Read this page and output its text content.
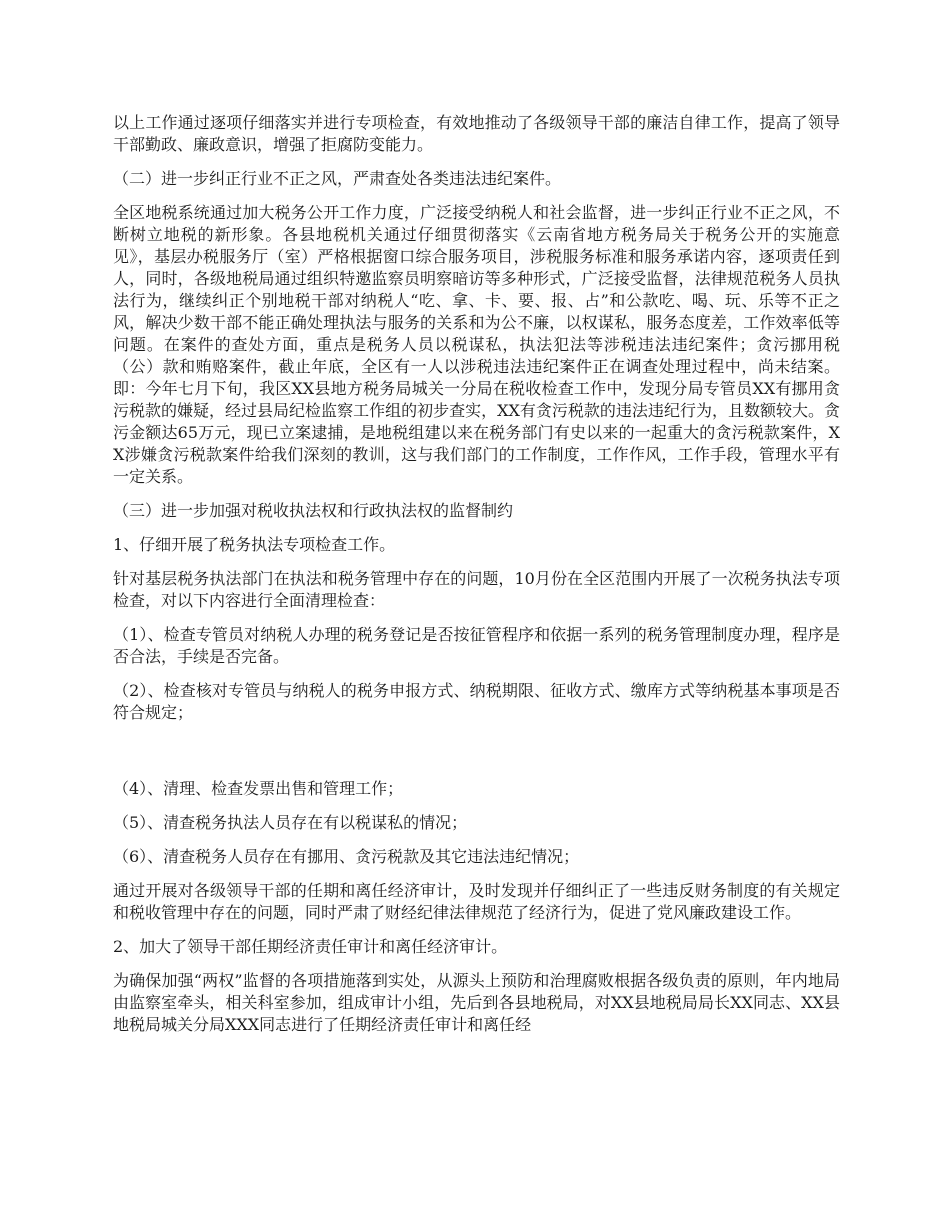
以上工作通过逐项仔细落实并进行专项检查，有效地推动了各级领导干部的廉洁自律工作，提高了领导干部勤政、廉政意识，增强了拒腐防变能力。

（二）进一步纠正行业不正之风，严肃查处各类违法违纪案件。

全区地税系统通过加大税务公开工作力度，广泛接受纳税人和社会监督，进一步纠正行业不正之风，不断树立地税的新形象。各县地税机关通过仔细贯彻落实《云南省地方税务局关于税务公开的实施意见》，基层办税服务厅（室）严格根据窗口综合服务项目，涉税服务标准和服务承诺内容，逐项责任到人，同时，各级地税局通过组织特邀监察员明察暗访等多种形式，广泛接受监督，法律规范税务人员执法行为，继续纠正个别地税干部对纳税人“吃、拿、卡、要、报、占”和公款吃、喝、玩、乐等不正之风，解决少数干部不能正确处理执法与服务的关系和为公不廉，以权谋私，服务态度差，工作效率低等问题。在案件的查处方面，重点是税务人员以税谋私，执法犯法等涉税违法违纪案件；贪污挪用税（公）款和贿赂案件，截止年底，全区有一人以涉税违法违纪案件正在调查处理过程中，尚未结案。即：今年七月下旬，我区XX县地方税务局城关一分局在税收检查工作中，发现分局专管员XX有挪用贪污税款的嫌疑，经过县局纪检监察工作组的初步查实，XX有贪污税款的违法违纪行为，且数额较大。贪污金额达65万元，现已立案逮捕，是地税组建以来在税务部门有史以来的一起重大的贪污税款案件，XX涉嫌贪污税款案件给我们深刻的教训，这与我们部门的工作制度，工作作风，工作手段，管理水平有一定关系。

（三）进一步加强对税收执法权和行政执法权的监督制约

1、仔细开展了税务执法专项检查工作。

针对基层税务执法部门在执法和税务管理中存在的问题，10月份在全区范围内开展了一次税务执法专项检查，对以下内容进行全面清理检查：

（1）、检查专管员对纳税人办理的税务登记是否按征管程序和依据一系列的税务管理制度办理，程序是否合法，手续是否完备。

（2）、检查核对专管员与纳税人的税务申报方式、纳税期限、征收方式、缴库方式等纳税基本事项是否符合规定；

（4）、清理、检查发票出售和管理工作；

（5）、清查税务执法人员存在有以税谋私的情况；

（6）、清查税务人员存在有挪用、贪污税款及其它违法违纪情况；

通过开展对各级领导干部的任期和离任经济审计，及时发现并仔细纠正了一些违反财务制度的有关规定和税收管理中存在的问题，同时严肃了财经纪律法律规范了经济行为，促进了党风廉政建设工作。

2、加大了领导干部任期经济责任审计和离任经济审计。

为确保加强“两权”监督的各项措施落到实处，从源头上预防和治理腐败根据各级负责的原则，年内地局由监察室牵头，相关科室参加，组成审计小组，先后到各县地税局，对XX县地税局局长XX同志、XX县地税局城关分局XXX同志进行了任期经济责任审计和离任经
